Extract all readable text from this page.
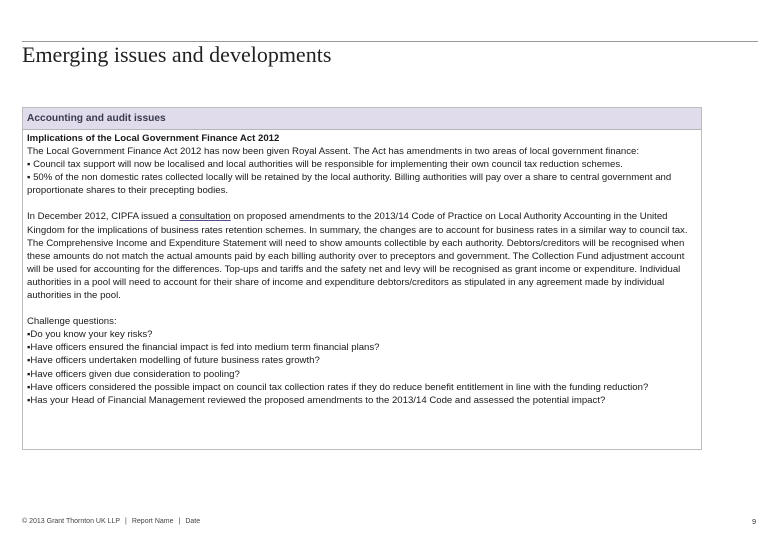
Emerging issues and developments
Accounting and audit issues

Implications of the Local Government Finance Act 2012

The Local Government Finance Act 2012 has now been given Royal Assent. The Act has amendments in two areas of local government finance:

▪ Council tax support will now be localised and local authorities will be responsible for implementing their own council tax reduction schemes.

▪ 50% of the non domestic rates collected locally will be retained by the local authority. Billing authorities will pay over a share to central government and proportionate shares to their precepting bodies.

In December 2012, CIPFA issued a consultation on proposed amendments to the 2013/14 Code of Practice on Local Authority Accounting in the United Kingdom for the implications of business rates retention schemes. In summary, the changes are to account for business rates in a similar way to council tax. The Comprehensive Income and Expenditure Statement will need to show amounts collectible by each authority. Debtors/creditors will be recognised when these amounts do not match the actual amounts paid by each billing authority over to preceptors and government. The Collection Fund adjustment account will be used for accounting for the differences. Top-ups and tariffs and the safety net and levy will be recognised as grant income or expenditure. Individual authorities in a pool will need to account for their share of income and expenditure debtors/creditors as stipulated in any agreement made by individual authorities in the pool.

Challenge questions:

▪Do you know your key risks?

▪Have officers ensured the financial impact is fed into medium term financial plans?

▪Have officers undertaken modelling of future business rates growth?

▪Have officers given due consideration to pooling?

▪Have officers considered the possible impact on council tax collection rates if they do reduce benefit entitlement in line with the funding reduction?

▪Has your Head of Financial Management reviewed the proposed amendments to the 2013/14 Code and assessed the potential impact?

© 2013 Grant Thornton UK LLP | Report Name | Date	9
